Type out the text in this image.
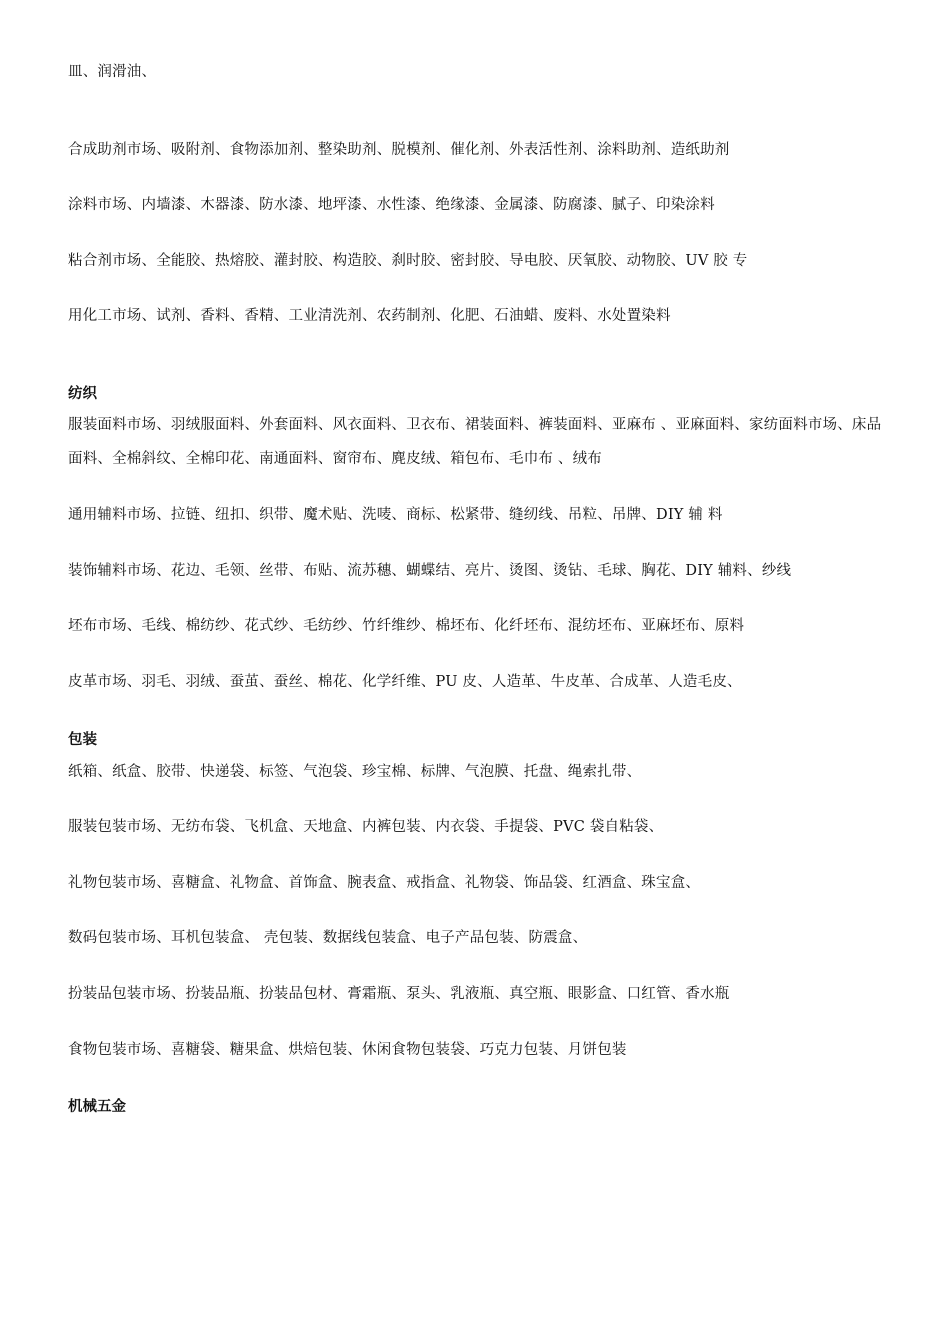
皿、润滑油、
合成助剂市场、吸附剂、食物添加剂、整染助剂、脱模剂、催化剂、外表活性剂、涂料助剂、造纸助剂
涂料市场、内墙漆、木器漆、防水漆、地坪漆、水性漆、绝缘漆、金属漆、防腐漆、腻子、印染涂料
粘合剂市场、全能胶、热熔胶、灌封胶、构造胶、刹时胶、密封胶、导电胶、厌氧胶、动物胶、UV 胶 专
用化工市场、试剂、香料、香精、工业清洗剂、农药制剂、化肥、石油蜡、废料、水处置染料
纺织
服装面料市场、羽绒服面料、外套面料、风衣面料、卫衣布、裙装面料、裤装面料、亚麻布 、亚麻面料、家纺面料市场、床品面料、全棉斜纹、全棉印花、南通面料、窗帘布、麂皮绒、箱包布、毛巾布 、绒布
通用辅料市场、拉链、纽扣、织带、魔术贴、洗唛、商标、松紧带、缝纫线、吊粒、吊牌、DIY 辅 料
装饰辅料市场、花边、毛领、丝带、布贴、流苏穗、蝴蝶结、亮片、烫图、烫钻、毛球、胸花、DIY 辅料、纱线
坯布市场、毛线、棉纺纱、花式纱、毛纺纱、竹纤维纱、棉坯布、化纤坯布、混纺坯布、亚麻坯布、原料
皮革市场、羽毛、羽绒、蚕茧、蚕丝、棉花、化学纤维、PU 皮、人造革、牛皮革、合成革、人造毛皮、
包装
纸箱、纸盒、胶带、快递袋、标签、气泡袋、珍宝棉、标牌、气泡膜、托盘、绳索扎带、
服装包装市场、无纺布袋、飞机盒、天地盒、内裤包装、内衣袋、手提袋、PVC 袋自粘袋、
礼物包装市场、喜糖盒、礼物盒、首饰盒、腕表盒、戒指盒、礼物袋、饰品袋、红酒盒、珠宝盒、
数码包装市场、耳机包装盒、 壳包装、数据线包装盒、电子产品包装、防震盒、
扮装品包装市场、扮装品瓶、扮装品包材、膏霜瓶、泵头、乳液瓶、真空瓶、眼影盒、口红管、香水瓶
食物包装市场、喜糖袋、糖果盒、烘焙包装、休闲食物包装袋、巧克力包装、月饼包装
机械五金
